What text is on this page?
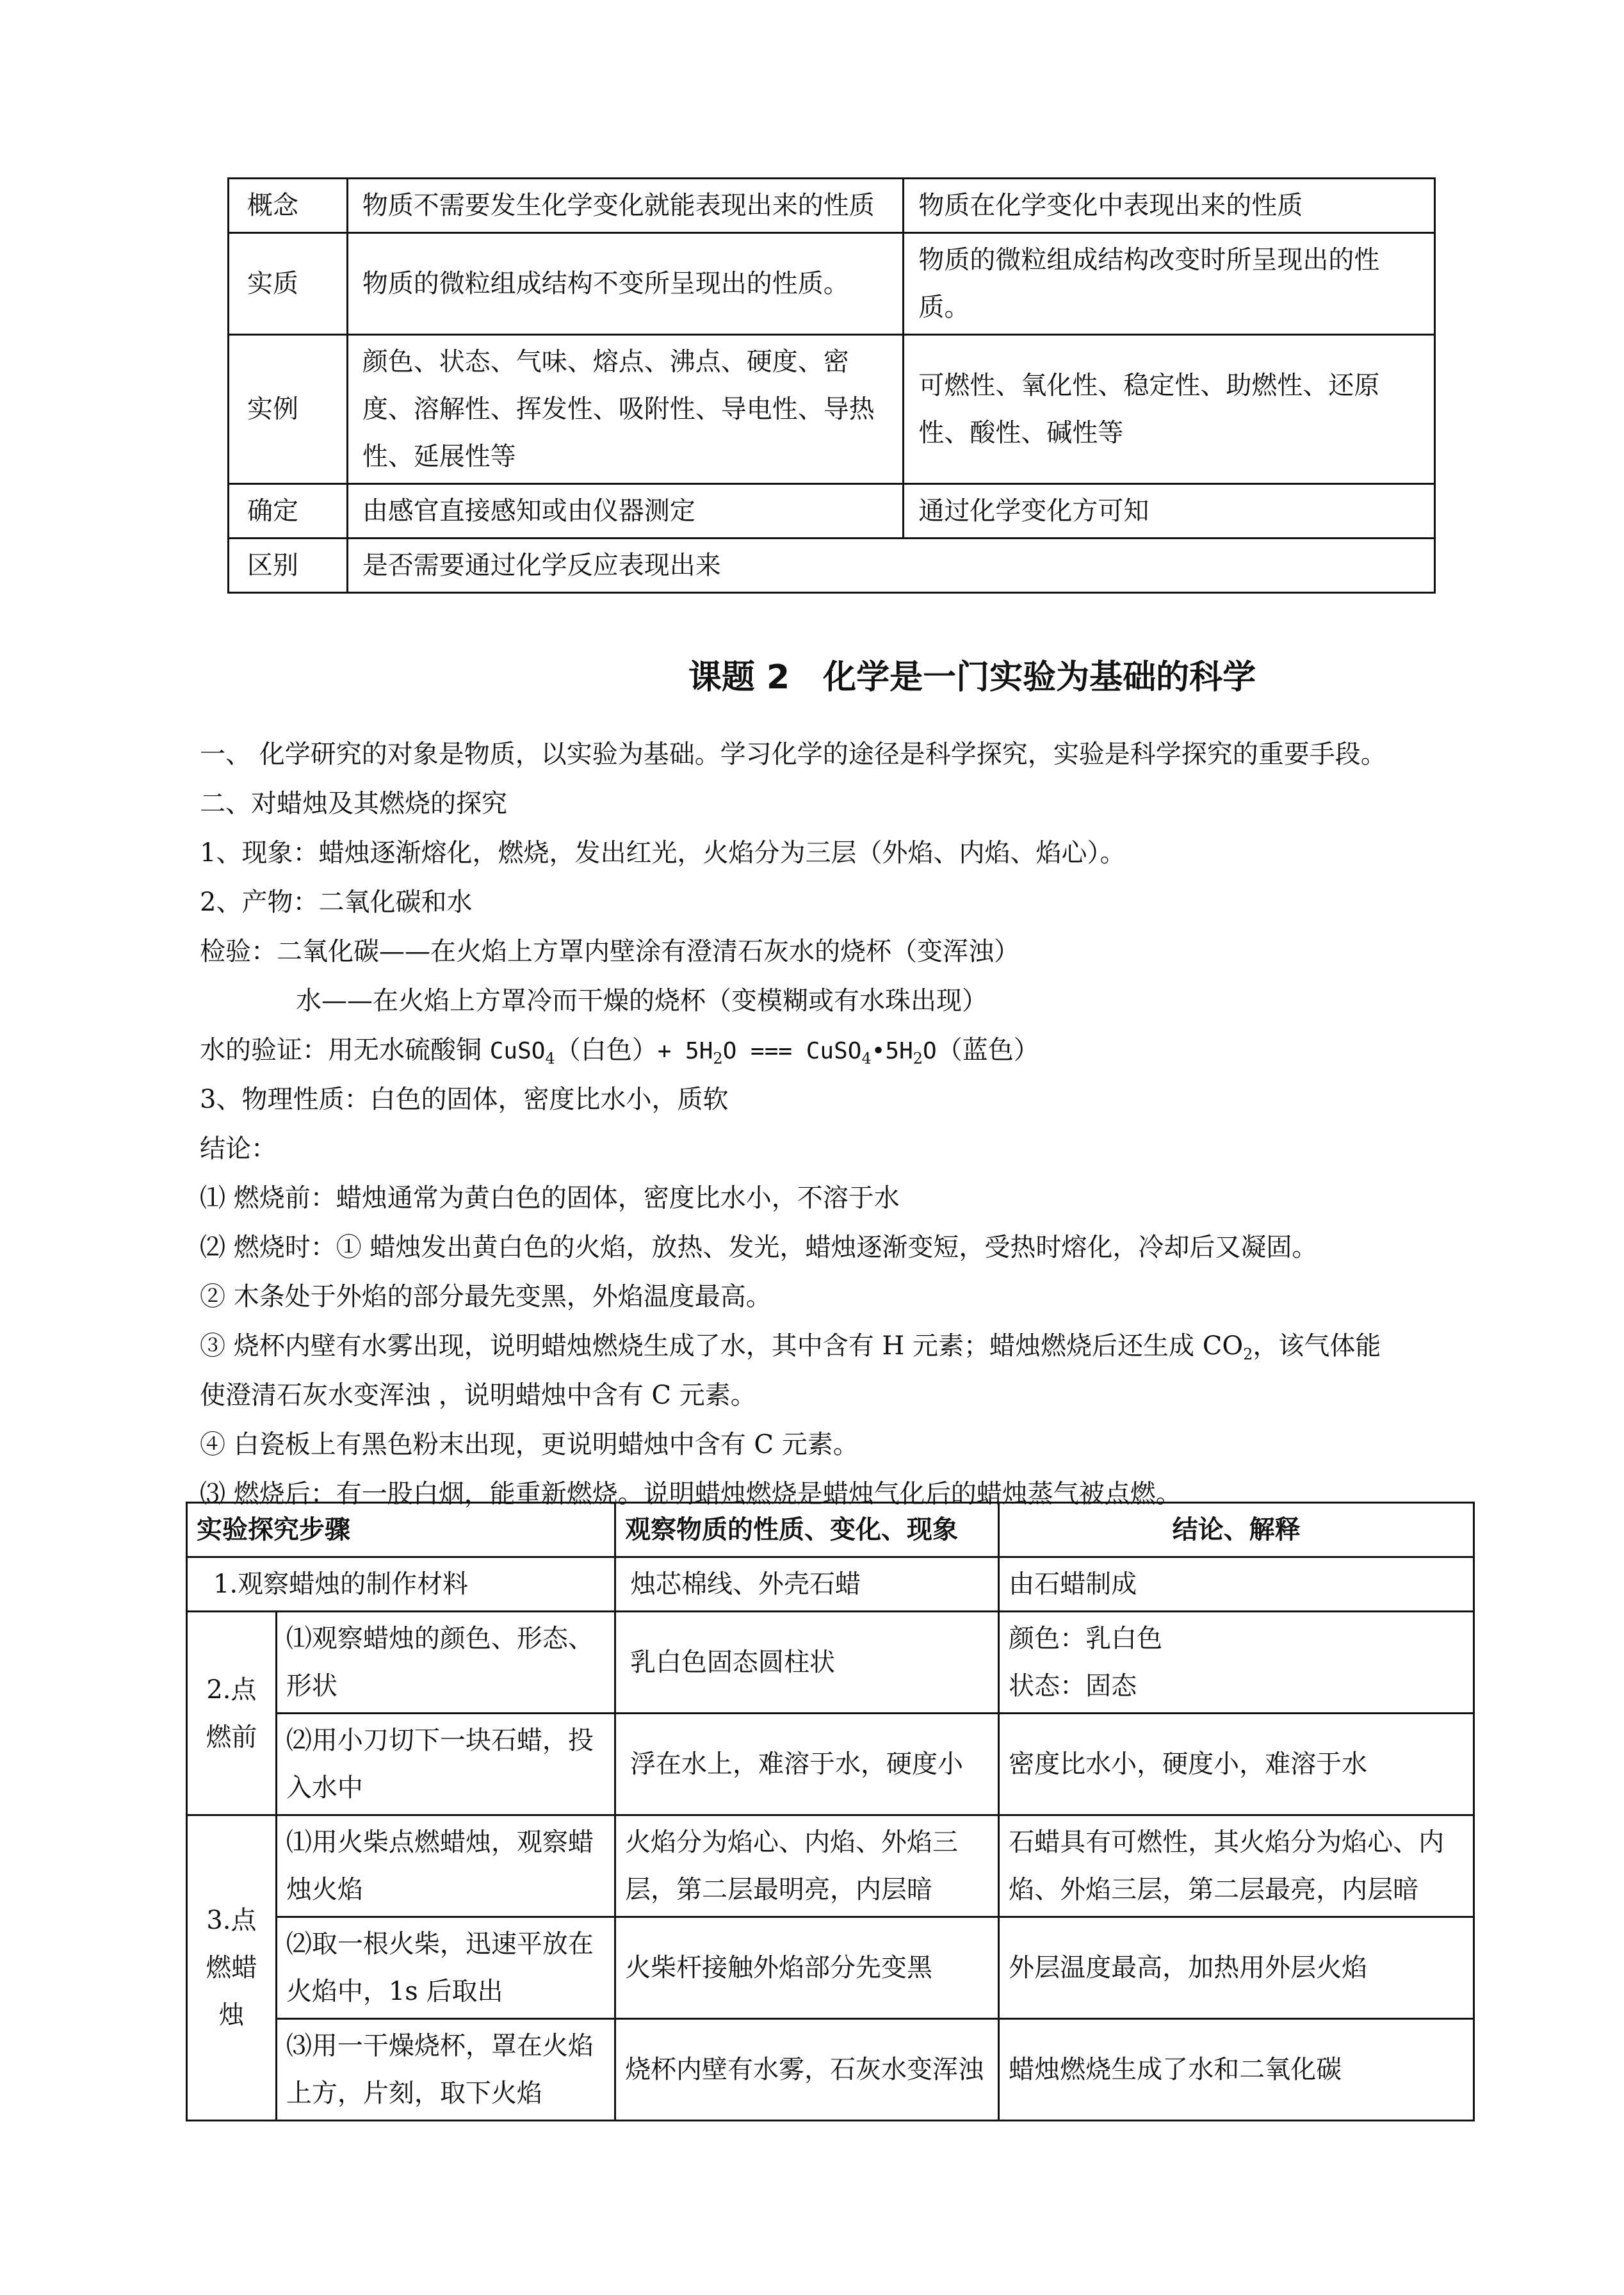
概念	物质不需要发生化学变化就能表现出来的性质	物质在化学变化中表现出来的性质
实质	物质的微粒组成结构不变所呈现出的性质。	物质的微粒组成结构改变时所呈现出的性质。
实例	颜色、状态、气味、熔点、沸点、硬度、密度、溶解性、挥发性、吸附性、导电性、导热性、延展性等	可燃性、氧化性、稳定性、助燃性、还原性、酸性、碱性等
确定	由感官直接感知或由仪器测定	通过化学变化方可知
区别	是否需要通过化学反应表现出来	
课题 2　化学是一门实验为基础的科学

一、 化学研究的对象是物质，以实验为基础。学习化学的途径是科学探究，实验是科学探究的重要手段。

二、对蜡烛及其燃烧的探究

1、现象：蜡烛逐渐熔化，燃烧，发出红光，火焰分为三层（外焰、内焰、焰心）。

2、产物：二氧化碳和水

检验：二氧化碳——在火焰上方罩内壁涂有澄清石灰水的烧杯（变浑浊）

水——在火焰上方罩冷而干燥的烧杯（变模糊或有水珠出现）

水的验证：用无水硫酸铜 CuSO$_4$（白色）+ $5H_2O$ === $CuSO_4•5H_2O$（蓝色）

3、物理性质：白色的固体，密度比水小，质软

结论：

⑴ 燃烧前：蜡烛通常为黄白色的固体，密度比水小，不溶于水

⑵ 燃烧时：① 蜡烛发出黄白色的火焰，放热、发光，蜡烛逐渐变短，受热时熔化，冷却后又凝固。

② 木条处于外焰的部分最先变黑，外焰温度最高。

③ 烧杯内壁有水雾出现，说明蜡烛燃烧生成了水，其中含有 H 元素；蜡烛燃烧后还生成 $CO_2$，该气体能

使澄清石灰水变浑浊 ，说明蜡烛中含有 C 元素。

④ 白瓷板上有黑色粉末出现，更说明蜡烛中含有 C 元素。

⑶ 燃烧后：有一股白烟，能重新燃烧。说明蜡烛燃烧是蜡烛气化后的蜡烛蒸气被点燃。

实验探究步骤		观察物质的性质、变化、现象	结论、解释
1.观察蜡烛的制作材料		烛芯棉线、外壳石蜡	由石蜡制成
2.点燃前	⑴观察蜡烛的颜色、形态、形状	乳白色固态圆柱状	颜色：乳白色
状态：固态

	⑵用小刀切下一块石蜡，投入水中	浮在水上，难溶于水，硬度小	密度比水小，硬度小，难溶于水
3.点燃蜡烛	⑴用火柴点燃蜡烛，观察蜡烛火焰	火焰分为焰心、内焰、外焰三层，第二层最明亮，内层暗	石蜡具有可燃性，其火焰分为焰心、内焰、外焰三层，第二层最亮，内层暗
	⑵取一根火柴，迅速平放在火焰中，1s 后取出	火柴杆接触外焰部分先变黑	外层温度最高，加热用外层火焰
	⑶用一干燥烧杯，罩在火焰上方，片刻，取下火焰	烧杯内壁有水雾，石灰水变浑浊	蜡烛燃烧生成了水和二氧化碳
